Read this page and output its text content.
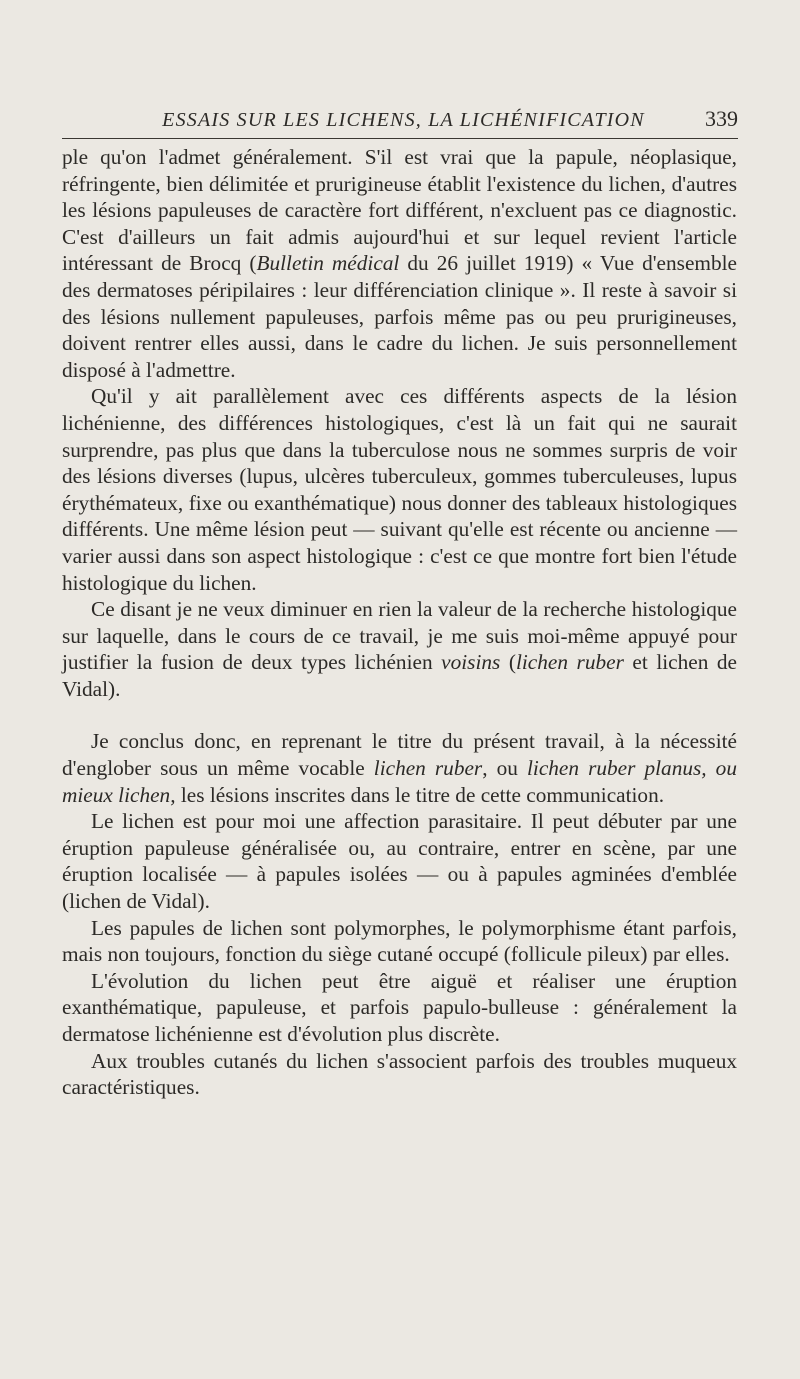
ESSAIS SUR LES LICHENS, LA LICHÉNIFICATION	339

ple qu'on l'admet généralement. S'il est vrai que la papule, néoplasique, réfringente, bien délimitée et prurigineuse établit l'existence du lichen, d'autres les lésions papuleuses de caractère fort différent, n'excluent pas ce diagnostic. C'est d'ailleurs un fait admis aujourd'hui et sur lequel revient l'article intéressant de Brocq (Bulletin médical du 26 juillet 1919) « Vue d'ensemble des dermatoses péripilaires : leur différenciation clinique ». Il reste à savoir si des lésions nullement papuleuses, parfois même pas ou peu prurigineuses, doivent rentrer elles aussi, dans le cadre du lichen. Je suis personnellement disposé à l'admettre.

Qu'il y ait parallèlement avec ces différents aspects de la lésion lichénienne, des différences histologiques, c'est là un fait qui ne saurait surprendre, pas plus que dans la tuberculose nous ne sommes surpris de voir des lésions diverses (lupus, ulcères tuberculeux, gommes tuberculeuses, lupus érythémateux, fixe ou exanthématique) nous donner des tableaux histologiques différents. Une même lésion peut — suivant qu'elle est récente ou ancienne — varier aussi dans son aspect histologique : c'est ce que montre fort bien l'étude histologique du lichen.

Ce disant je ne veux diminuer en rien la valeur de la recherche histologique sur laquelle, dans le cours de ce travail, je me suis moi-même appuyé pour justifier la fusion de deux types lichénien voisins (lichen ruber et lichen de Vidal).

Je conclus donc, en reprenant le titre du présent travail, à la nécessité d'englober sous un même vocable lichen ruber, ou lichen ruber planus, ou mieux lichen, les lésions inscrites dans le titre de cette communication.

Le lichen est pour moi une affection parasitaire. Il peut débuter par une éruption papuleuse généralisée ou, au contraire, entrer en scène, par une éruption localisée — à papules isolées — ou à papules agminées d'emblée (lichen de Vidal).

Les papules de lichen sont polymorphes, le polymorphisme étant parfois, mais non toujours, fonction du siège cutané occupé (follicule pileux) par elles.

L'évolution du lichen peut être aiguë et réaliser une éruption exanthématique, papuleuse, et parfois papulo-bulleuse : généralement la dermatose lichénienne est d'évolution plus discrète.

Aux troubles cutanés du lichen s'associent parfois des troubles muqueux caractéristiques.
